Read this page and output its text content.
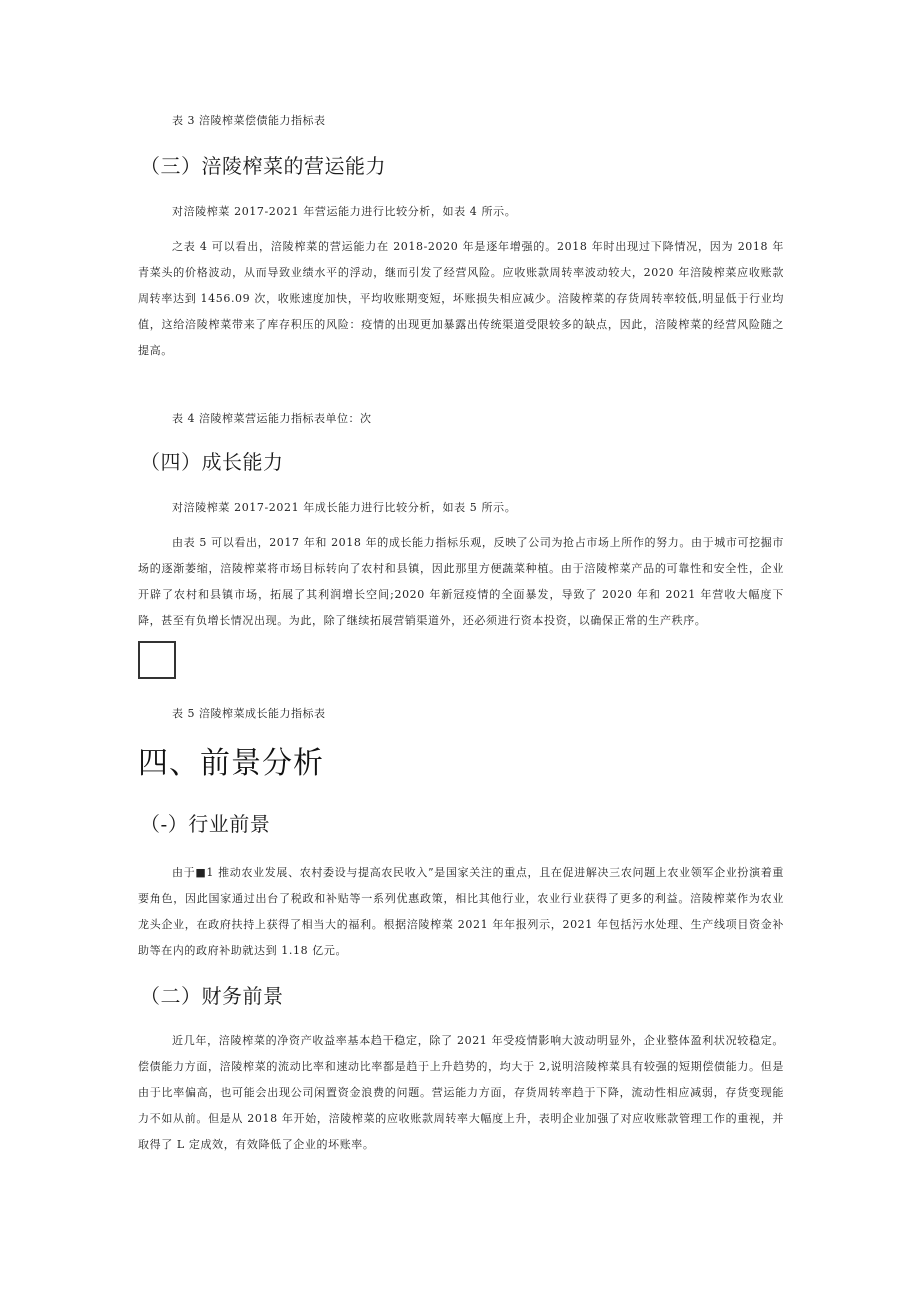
表 3 涪陵榨菜偿债能力指标表
（三）涪陵榨菜的营运能力
对涪陵榨菜 2017-2021 年营运能力进行比较分析，如表 4 所示。
之表 4 可以看出，涪陵榨菜的营运能力在 2018-2020 年是逐年增强的。2018 年时出现过下降情况，因为 2018 年青菜头的价格波动，从而导致业绩水平的浮动，继而引发了经营风险。应收账款周转率波动较大，2020 年涪陵榨菜应收账款周转率达到 1456.09 次，收账速度加快，平均收账期变短，坏账损失相应减少。涪陵榨菜的存货周转率较低,明显低于行业均值，这给涪陵榨菜带来了库存积压的风险：疫情的出现更加暴露出传统渠道受限较多的缺点，因此，涪陵榨菜的经营风险随之提高。
表 4 涪陵榨菜营运能力指标表单位：次
（四）成长能力
对涪陵榨菜 2017-2021 年成长能力进行比较分析，如表 5 所示。
由表 5 可以看出，2017 年和 2018 年的成长能力指标乐观，反映了公司为抢占市场上所作的努力。由于城市可挖掘市场的逐渐萎缩，涪陵榨菜将市场目标转向了农村和县镇，因此那里方便蔬菜种植。由于涪陵榨菜产品的可靠性和安全性，企业开辟了农村和县镇市场，拓展了其利润增长空间;2020 年新冠疫情的全面暴发，导致了 2020 年和 2021 年营收大幅度下降，甚至有负增长情况出现。为此，除了继续拓展营销渠道外，还必须进行资本投资，以确保正常的生产秩序。
表 5 涪陵榨菜成长能力指标表
四、前景分析
（-）行业前景
由于■1 推动农业发展、农村委设与提高农民收入”是国家关注的重点，且在促进解决三农问题上农业领军企业扮演着重要角色，因此国家通过出台了税政和补贴等一系列优惠政策，相比其他行业，农业行业获得了更多的利益。涪陵榨菜作为农业龙头企业，在政府扶持上获得了相当大的福利。根据涪陵榨菜 2021 年年报列示，2021 年包括污水处理、生产线项目资金补助等在内的政府补助就达到 1.18 亿元。
（二）财务前景
近几年，涪陵榨菜的净资产收益率基本趋干稳定，除了 2021 年受疫情影响大波动明显外，企业整体盈利状况较稳定。偿债能力方面，涪陵榨菜的流动比率和速动比率都是趋于上升趋势的，均大于 2,说明涪陵榨菜具有较强的短期偿债能力。但是由于比率偏高，也可能会出现公司闲置资金浪费的问题。营运能力方面，存货周转率趋于下降，流动性相应减弱，存货变现能力不如从前。但是从 2018 年开始，涪陵榨菜的应收账款周转率大幅度上升，表明企业加强了对应收账款管理工作的重视，并取得了 L 定成效，有效降低了企业的坏账率。
